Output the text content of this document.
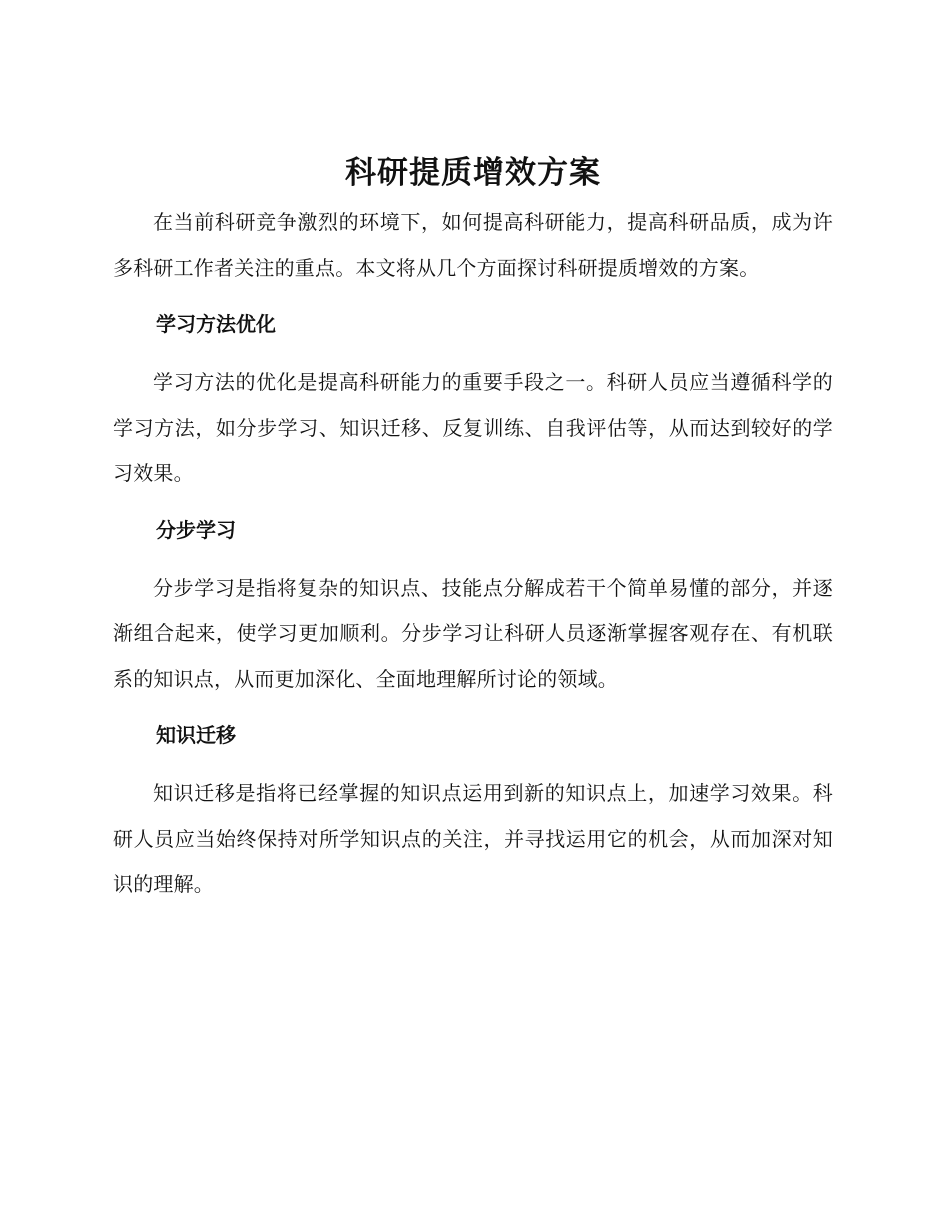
科研提质增效方案

在当前科研竞争激烈的环境下，如何提高科研能力，提高科研品质，成为许多科研工作者关注的重点。本文将从几个方面探讨科研提质增效的方案。

学习方法优化

学习方法的优化是提高科研能力的重要手段之一。科研人员应当遵循科学的学习方法，如分步学习、知识迁移、反复训练、自我评估等，从而达到较好的学习效果。

分步学习

分步学习是指将复杂的知识点、技能点分解成若干个简单易懂的部分，并逐渐组合起来，使学习更加顺利。分步学习让科研人员逐渐掌握客观存在、有机联系的知识点，从而更加深化、全面地理解所讨论的领域。

知识迁移

知识迁移是指将已经掌握的知识点运用到新的知识点上，加速学习效果。科研人员应当始终保持对所学知识点的关注，并寻找运用它的机会，从而加深对知识的理解。
